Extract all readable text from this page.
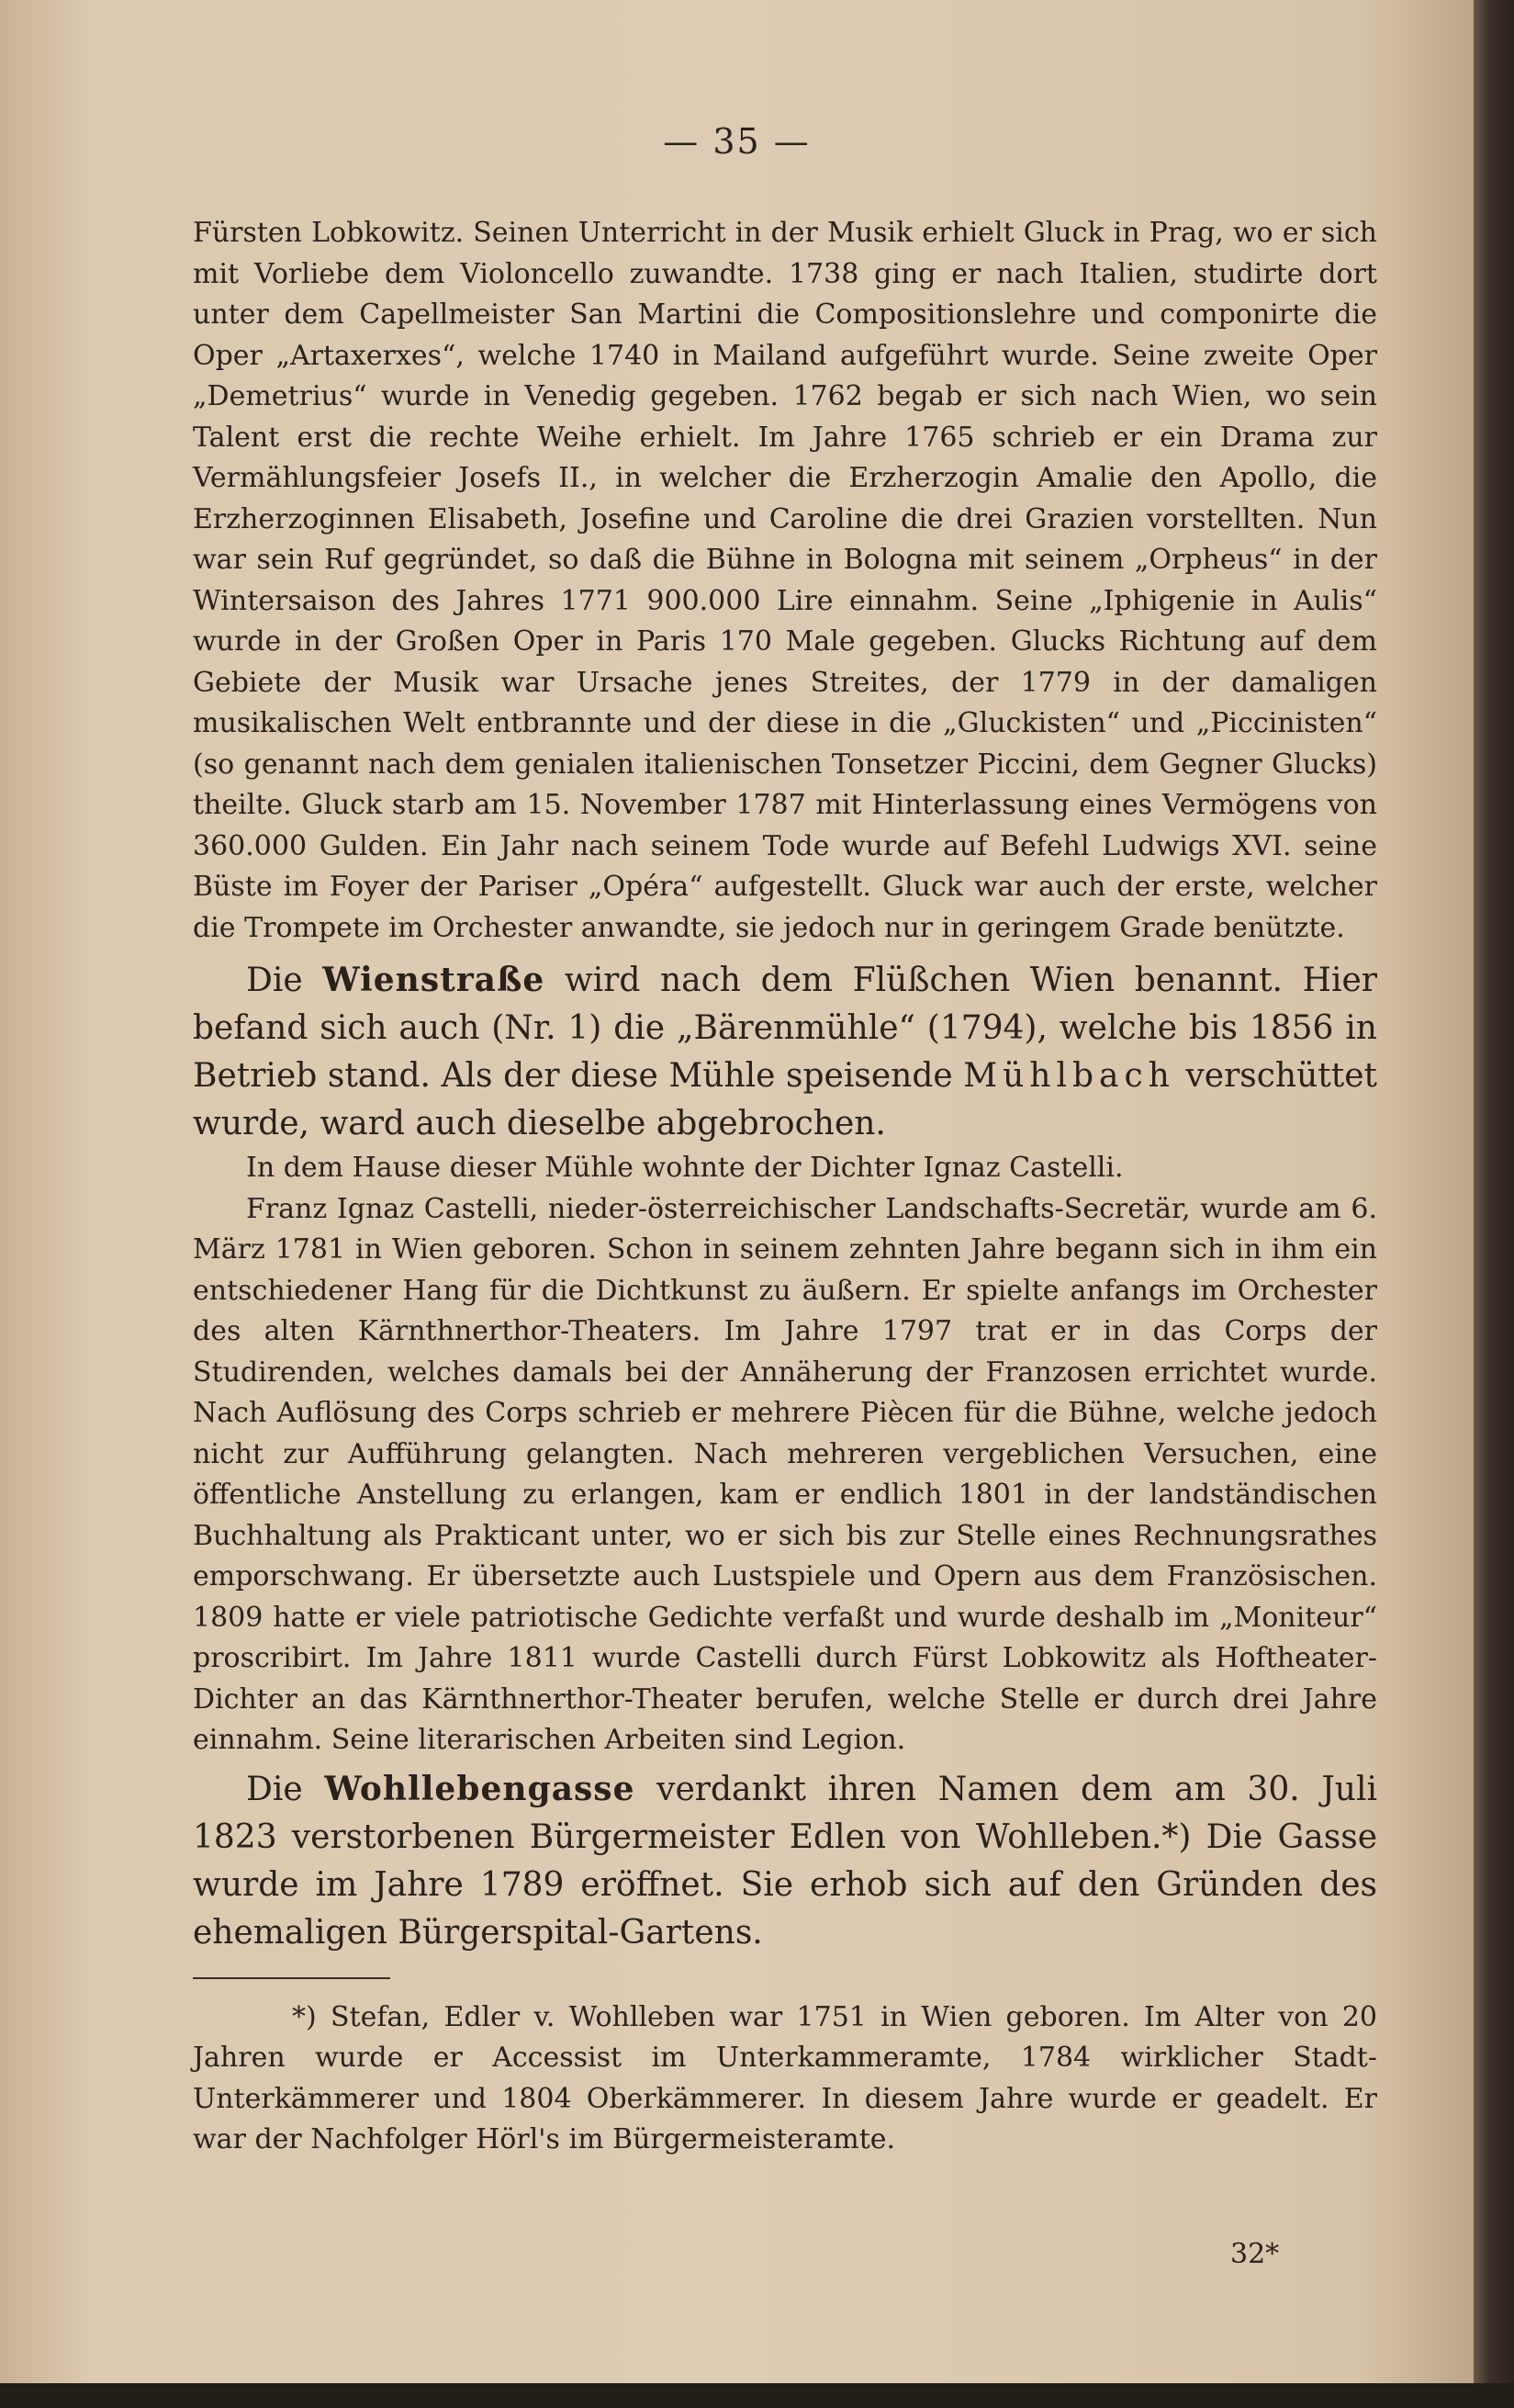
— 35 —

Fürsten Lobkowitz. Seinen Unterricht in der Musik erhielt Gluck in Prag, wo er sich mit Vorliebe dem Violoncello zuwandte. 1738 ging er nach Italien, studirte dort unter dem Capellmeister San Martini die Compositionslehre und componirte die Oper „Artaxerxes“, welche 1740 in Mailand aufgeführt wurde. Seine zweite Oper „Demetrius“ wurde in Venedig gegeben. 1762 begab er sich nach Wien, wo sein Talent erst die rechte Weihe erhielt. Im Jahre 1765 schrieb er ein Drama zur Vermählungsfeier Josefs II., in welcher die Erzherzogin Amalie den Apollo, die Erzherzoginnen Elisabeth, Josefine und Caroline die drei Grazien vorstellten. Nun war sein Ruf gegründet, so daß die Bühne in Bologna mit seinem „Orpheus“ in der Wintersaison des Jahres 1771 900.000 Lire einnahm. Seine „Iphigenie in Aulis“ wurde in der Großen Oper in Paris 170 Male gegeben. Glucks Richtung auf dem Gebiete der Musik war Ursache jenes Streites, der 1779 in der damaligen musikalischen Welt entbrannte und der diese in die „Gluckisten“ und „Piccinisten“ (so genannt nach dem genialen italienischen Tonsetzer Piccini, dem Gegner Glucks) theilte. Gluck starb am 15. November 1787 mit Hinterlassung eines Vermögens von 360.000 Gulden. Ein Jahr nach seinem Tode wurde auf Befehl Ludwigs XVI. seine Büste im Foyer der Pariser „Opéra“ aufgestellt. Gluck war auch der erste, welcher die Trompete im Orchester anwandte, sie jedoch nur in geringem Grade benützte.

Die Wienstraße wird nach dem Flüßchen Wien benannt. Hier befand sich auch (Nr. 1) die „Bärenmühle“ (1794), welche bis 1856 in Betrieb stand. Als der diese Mühle speisende Mühlbach verschüttet wurde, ward auch dieselbe abgebrochen.

In dem Hause dieser Mühle wohnte der Dichter Ignaz Castelli.

Franz Ignaz Castelli, nieder-österreichischer Landschafts-Secretär, wurde am 6. März 1781 in Wien geboren. Schon in seinem zehnten Jahre begann sich in ihm ein entschiedener Hang für die Dichtkunst zu äußern. Er spielte anfangs im Orchester des alten Kärnthnerthor-Theaters. Im Jahre 1797 trat er in das Corps der Studirenden, welches damals bei der Annäherung der Franzosen errichtet wurde. Nach Auflösung des Corps schrieb er mehrere Piècen für die Bühne, welche jedoch nicht zur Aufführung gelangten. Nach mehreren vergeblichen Versuchen, eine öffentliche Anstellung zu erlangen, kam er endlich 1801 in der landständischen Buchhaltung als Prakticant unter, wo er sich bis zur Stelle eines Rechnungsrathes emporschwang. Er übersetzte auch Lustspiele und Opern aus dem Französischen. 1809 hatte er viele patriotische Gedichte verfaßt und wurde deshalb im „Moniteur“ proscribirt. Im Jahre 1811 wurde Castelli durch Fürst Lobkowitz als Hoftheater-Dichter an das Kärnthnerthor-Theater berufen, welche Stelle er durch drei Jahre einnahm. Seine literarischen Arbeiten sind Legion.

Die Wohllebengasse verdankt ihren Namen dem am 30. Juli 1823 verstorbenen Bürgermeister Edlen von Wohlleben.*) Die Gasse wurde im Jahre 1789 eröffnet. Sie erhob sich auf den Gründen des ehemaligen Bürgerspital-Gartens.

*) Stefan, Edler v. Wohlleben war 1751 in Wien geboren. Im Alter von 20 Jahren wurde er Accessist im Unterkammeramte, 1784 wirklicher Stadt-Unterkämmerer und 1804 Oberkämmerer. In diesem Jahre wurde er geadelt. Er war der Nachfolger Hörl's im Bürgermeisteramte.

32*
